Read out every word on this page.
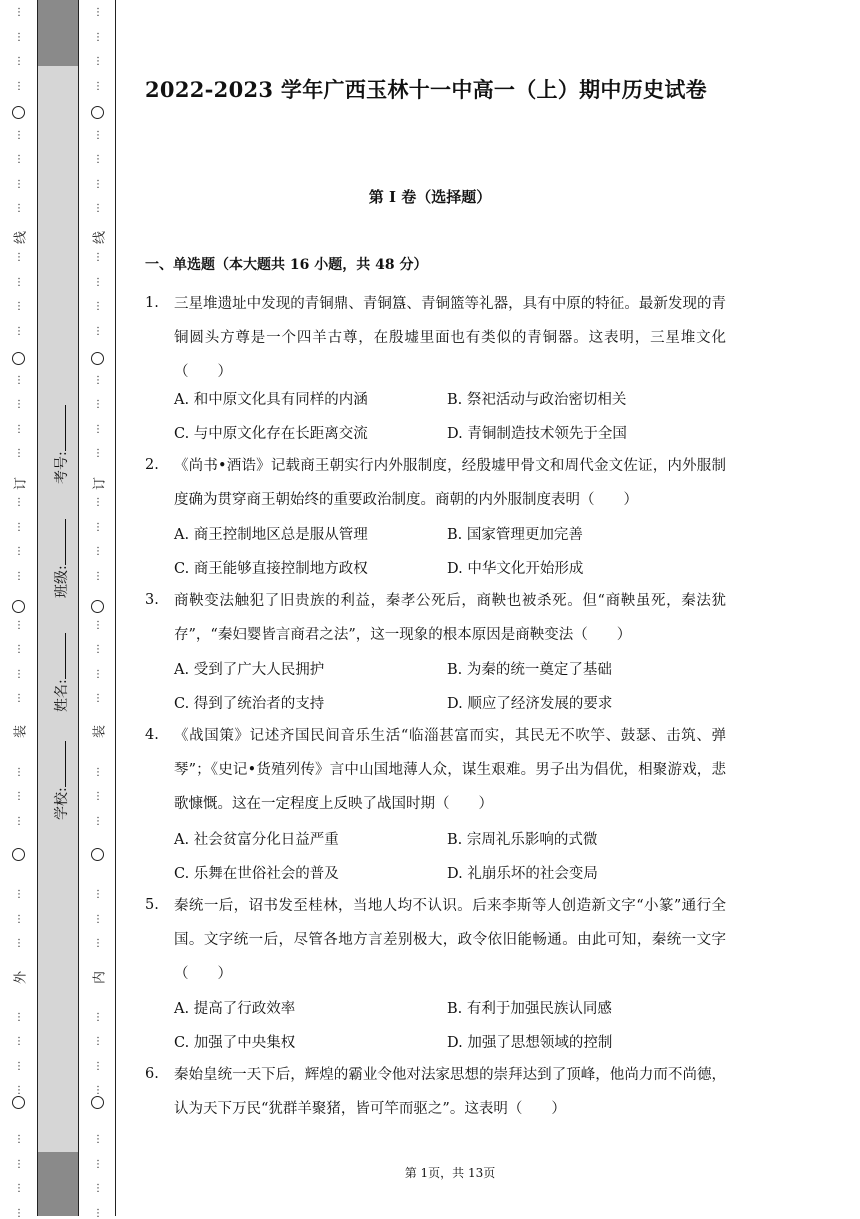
线
订
装
外
⋮
⋮
⋮
⋮
⋮
⋮
⋮
⋮
⋮
⋮
⋮
⋮
⋮
⋮
⋮
⋮
⋮
⋮
⋮
⋮
⋮
⋮
⋮
⋮
⋮
⋮
⋮
⋮
⋮
⋮
⋮
⋮
⋮
⋮
⋮
⋮
⋮
⋮
线
订
装
内
⋮
⋮
⋮
⋮
⋮
⋮
⋮
⋮
⋮
⋮
⋮
⋮
⋮
⋮
⋮
⋮
⋮
⋮
⋮
⋮
⋮
⋮
⋮
⋮
⋮
⋮
⋮
⋮
⋮
⋮
⋮
⋮
⋮
⋮
⋮
⋮
⋮
⋮
学校:
姓名:
班级:
考号:
2022-2023 学年广西玉林十一中高一（上）期中历史试卷
第 I 卷（选择题）
一、单选题（本大题共 16 小题，共 48 分）
1. 三星堆遗址中发现的青铜鼎、青铜簋、青铜篮等礼器，具有中原的特征。最新发现的青铜圆头方尊是一个四羊古尊，在殷墟里面也有类似的青铜器。这表明，三星堆文化（　　）
A. 和中原文化具有同样的内涵	B. 祭祀活动与政治密切相关
C. 与中原文化存在长距离交流	D. 青铜制造技术领先于全国
2. 《尚书•酒诰》记载商王朝实行内外服制度，经殷墟甲骨文和周代金文佐证，内外服制度确为贯穿商王朝始终的重要政治制度。商朝的内外服制度表明（　　）
A. 商王控制地区总是服从管理	B. 国家管理更加完善
C. 商王能够直接控制地方政权	D. 中华文化开始形成
3. 商鞅变法触犯了旧贵族的利益，秦孝公死后，商鞅也被杀死。但“商鞅虽死，秦法犹存”，“秦妇婴皆言商君之法”，这一现象的根本原因是商鞅变法（　　）
A. 受到了广大人民拥护	B. 为秦的统一奠定了基础
C. 得到了统治者的支持	D. 顺应了经济发展的要求
4. 《战国策》记述齐国民间音乐生活“临淄甚富而实，其民无不吹竽、鼓瑟、击筑、弹琴”；《史记•货殖列传》言中山国地薄人众，谋生艰难。男子出为倡优，相聚游戏，悲歌慷慨。这在一定程度上反映了战国时期（　　）
A. 社会贫富分化日益严重	B. 宗周礼乐影响的式微
C. 乐舞在世俗社会的普及	D. 礼崩乐坏的社会变局
5. 秦统一后，诏书发至桂林，当地人均不认识。后来李斯等人创造新文字“小篆”通行全国。文字统一后，尽管各地方言差别极大，政令依旧能畅通。由此可知，秦统一文字（　　）
A. 提高了行政效率	B. 有利于加强民族认同感
C. 加强了中央集权	D. 加强了思想领域的控制
6. 秦始皇统一天下后，辉煌的霸业令他对法家思想的崇拜达到了顶峰，他尚力而不尚德，认为天下万民“犹群羊聚猪，皆可竿而驱之”。这表明（　　）
第 1页，共 13页
